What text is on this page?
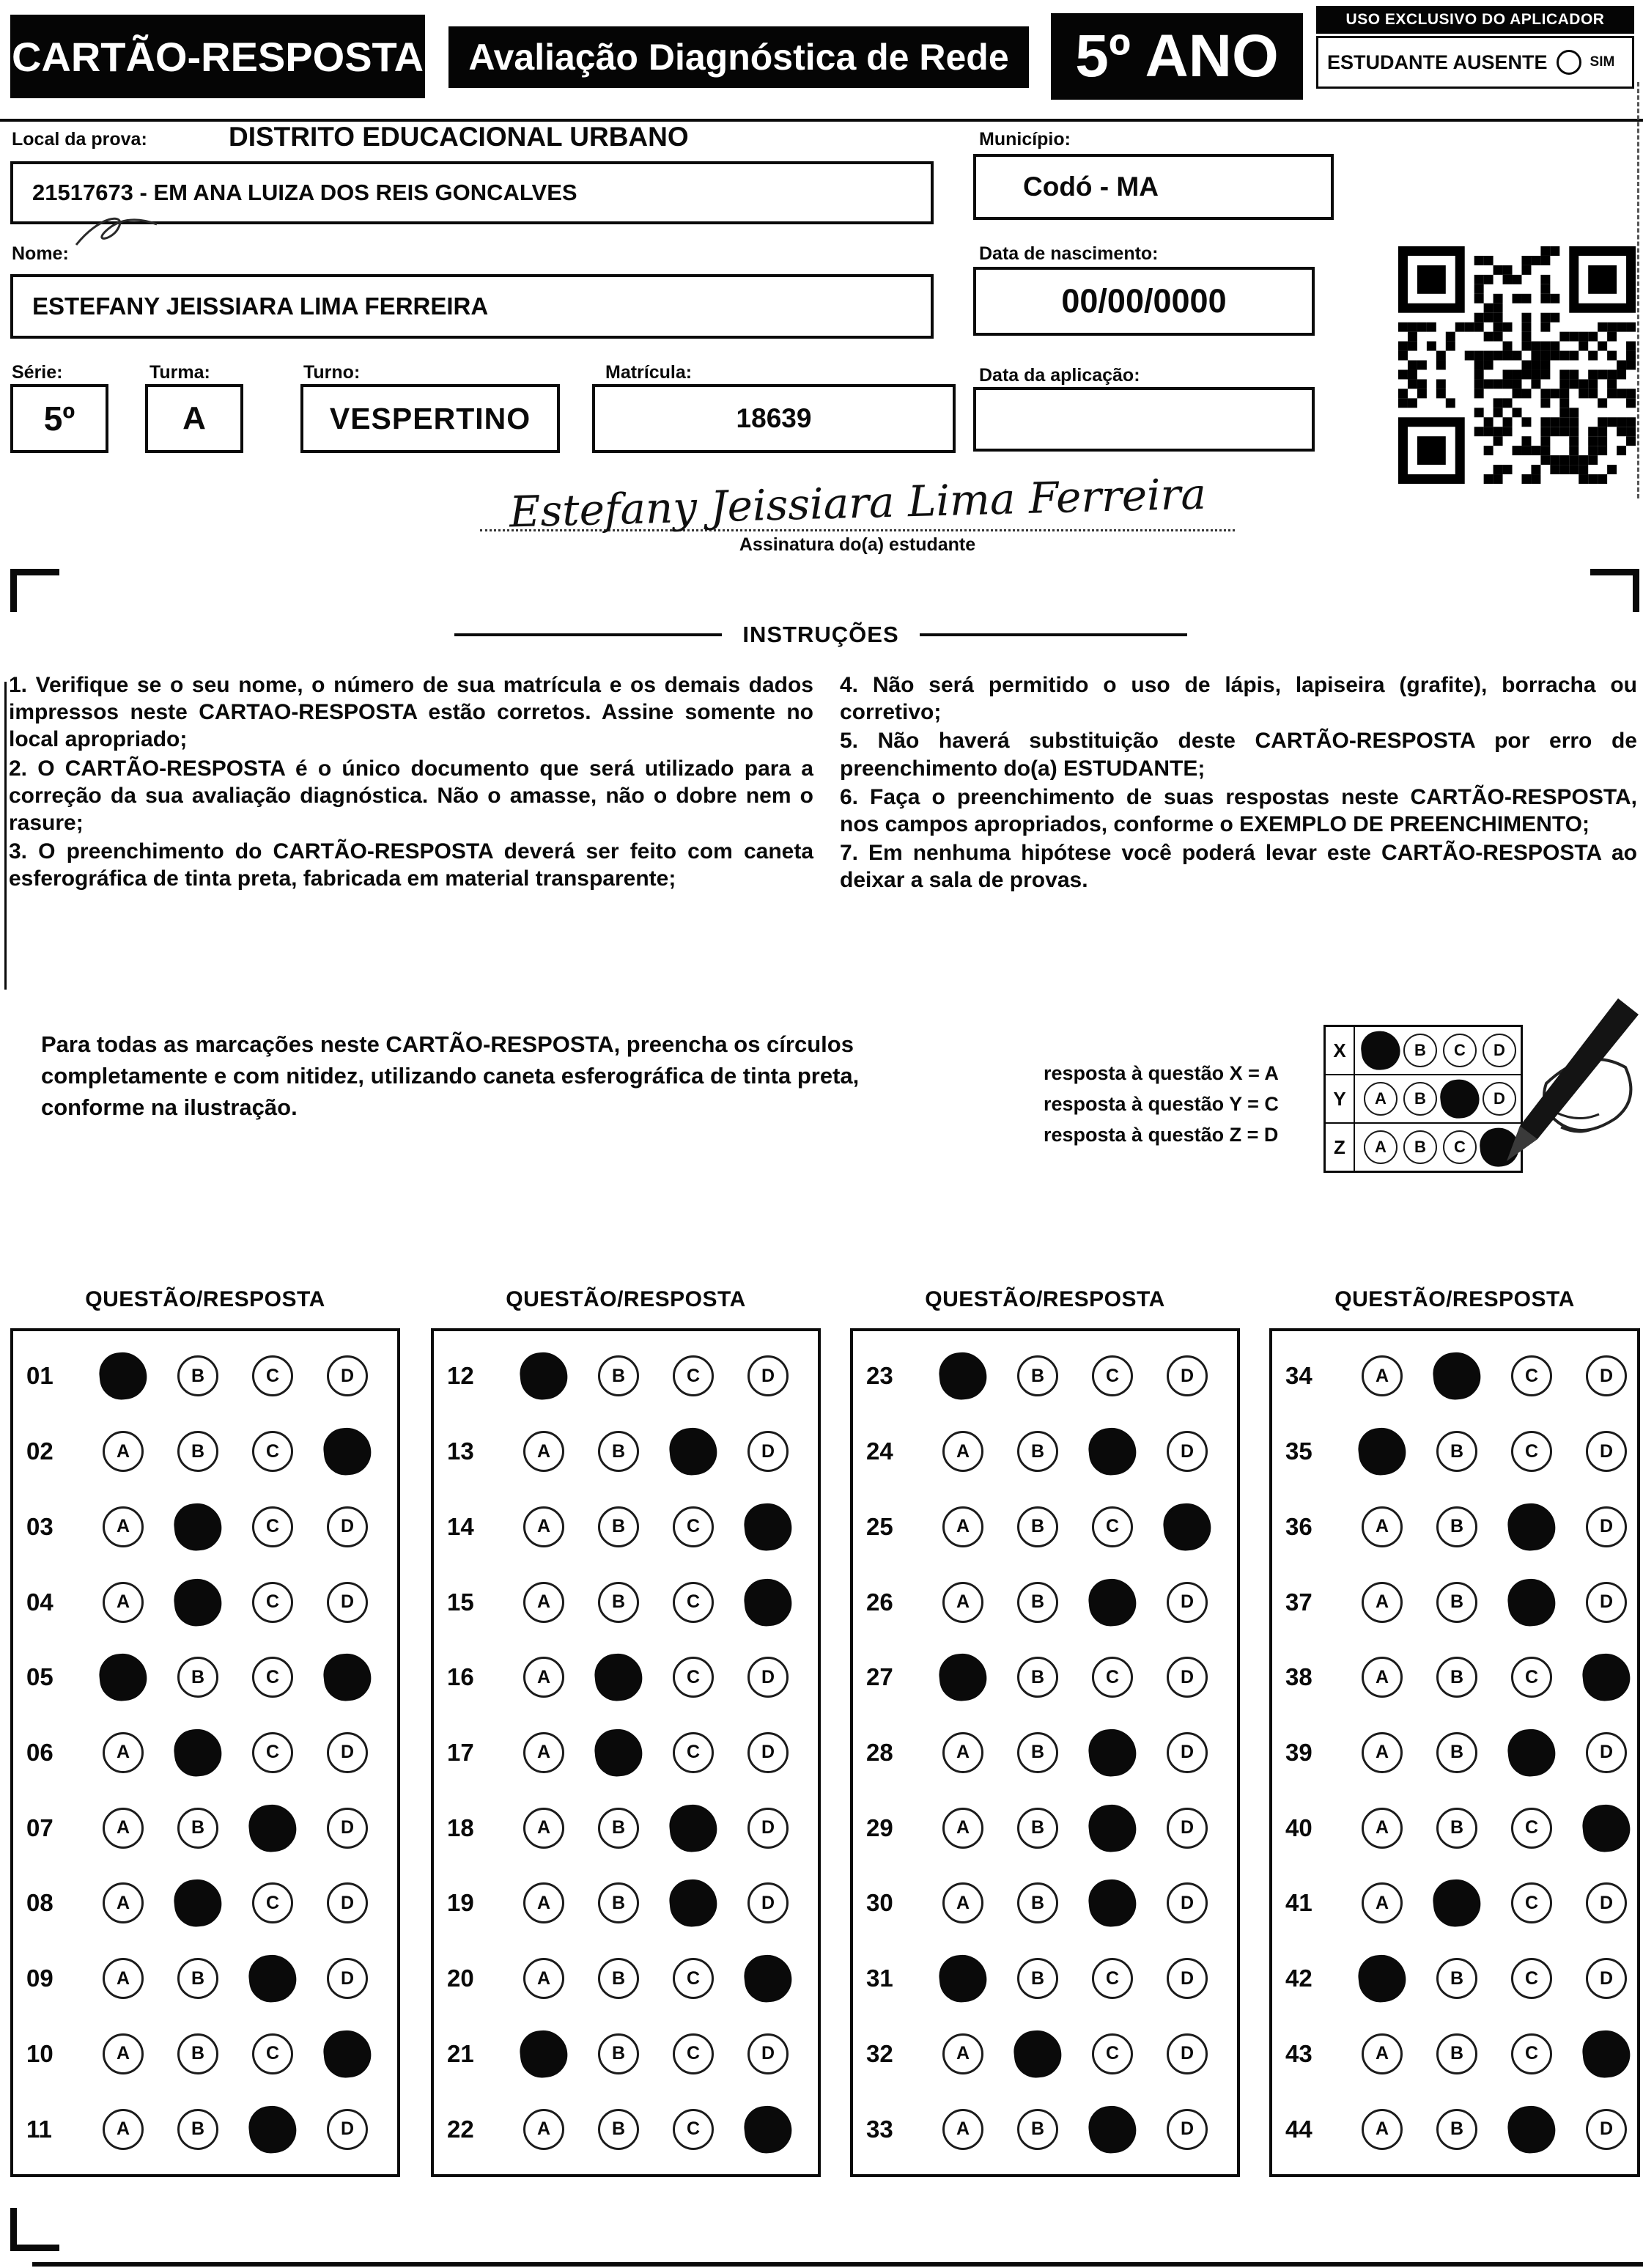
CARTÃO-RESPOSTA	Avaliação Diagnóstica de Rede	5º ANO
USO EXCLUSIVO DO APLICADOR
ESTUDANTE AUSENTE	SIM
Local da prova:	DISTRITO EDUCACIONAL URBANO	Município:
21517673 - EM ANA LUIZA DOS REIS GONCALVES	Codó - MA
Nome:
ESTEFANY JEISSIARA LIMA FERREIRA
Data de nascimento:
00/00/0000
Série:	Turma:	Turno:	Matrícula:	Data da aplicação:
5º	A	VESPERTINO	18639
Estefany Jeissiara Lima Ferreira
Assinatura do(a) estudante
INSTRUÇÕES

1. Verifique se o seu nome, o número de sua matrícula e os demais dados impressos neste CARTAO-RESPOSTA estão corretos. Assine somente no local apropriado;

2. O CARTÃO-RESPOSTA é o único documento que será utilizado para a correção da sua avaliação diagnóstica. Não o amasse, não o dobre nem o rasure;

3. O preenchimento do CARTÃO-RESPOSTA deverá ser feito com caneta esferográfica de tinta preta, fabricada em material transparente;

4. Não será permitido o uso de lápis, lapiseira (grafite), borracha ou corretivo;

5. Não haverá substituição deste CARTÃO-RESPOSTA por erro de preenchimento do(a) ESTUDANTE;

6. Faça o preenchimento de suas respostas neste CARTÃO-RESPOSTA, nos campos apropriados, conforme o EXEMPLO DE PREENCHIMENTO;

7. Em nenhuma hipótese você poderá levar este CARTÃO-RESPOSTA ao deixar a sala de provas.

Para todas as marcações neste CARTÃO-RESPOSTA, preencha os círculos completamente e com nitidez, utilizando caneta esferográfica de tinta preta, conforme na ilustração.
resposta à questão X = A
resposta à questão Y = C
resposta à questão Z = D
X	B	C	D
Y	A	B	D
Z	A	B	C
QUESTÃO/RESPOSTA
01	B	C	D
02	A	B	C
03	A	C	D
04	A	C	D
05	B	C
06	A	C	D
07	A	B	D
08	A	C	D
09	A	B	D
10	A	B	C
11	A	B	D
QUESTÃO/RESPOSTA
12	B	C	D
13	A	B	D
14	A	B	C
15	A	B	C
16	A	C	D
17	A	C	D
18	A	B	D
19	A	B	D
20	A	B	C
21	B	C	D
22	A	B	C
QUESTÃO/RESPOSTA
23	B	C	D
24	A	B	D
25	A	B	C
26	A	B	D
27	B	C	D
28	A	B	D
29	A	B	D
30	A	B	D
31	B	C	D
32	A	C	D
33	A	B	D
QUESTÃO/RESPOSTA
34	A	C	D
35	B	C	D
36	A	B	D
37	A	B	D
38	A	B	C
39	A	B	D
40	A	B	C
41	A	C	D
42	B	C	D
43	A	B	C
44	A	B	D
